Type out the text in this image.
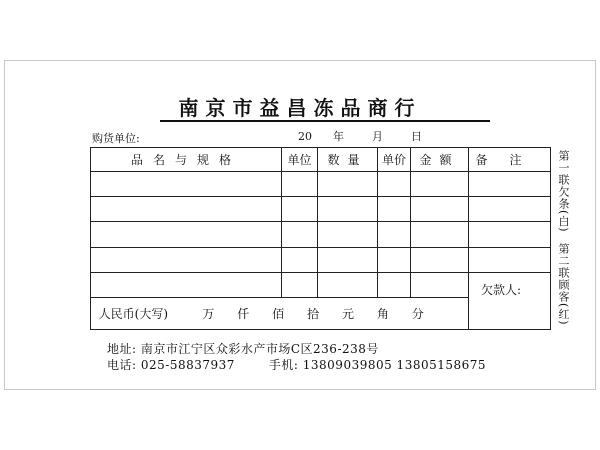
南京市益昌冻品商行
购货单位:	20 年	月	日
品名与规格	单位	数量	单价	金额	备注

					欠款人:
人民币(大写) 万 仟 佰 拾 元 角 分					
第一联欠条(白)
第二联顾客(红)
地址: 南京市江宁区众彩水产市场C区236-238号
电话: 025-58837937	手机: 13809039805 13805158675
